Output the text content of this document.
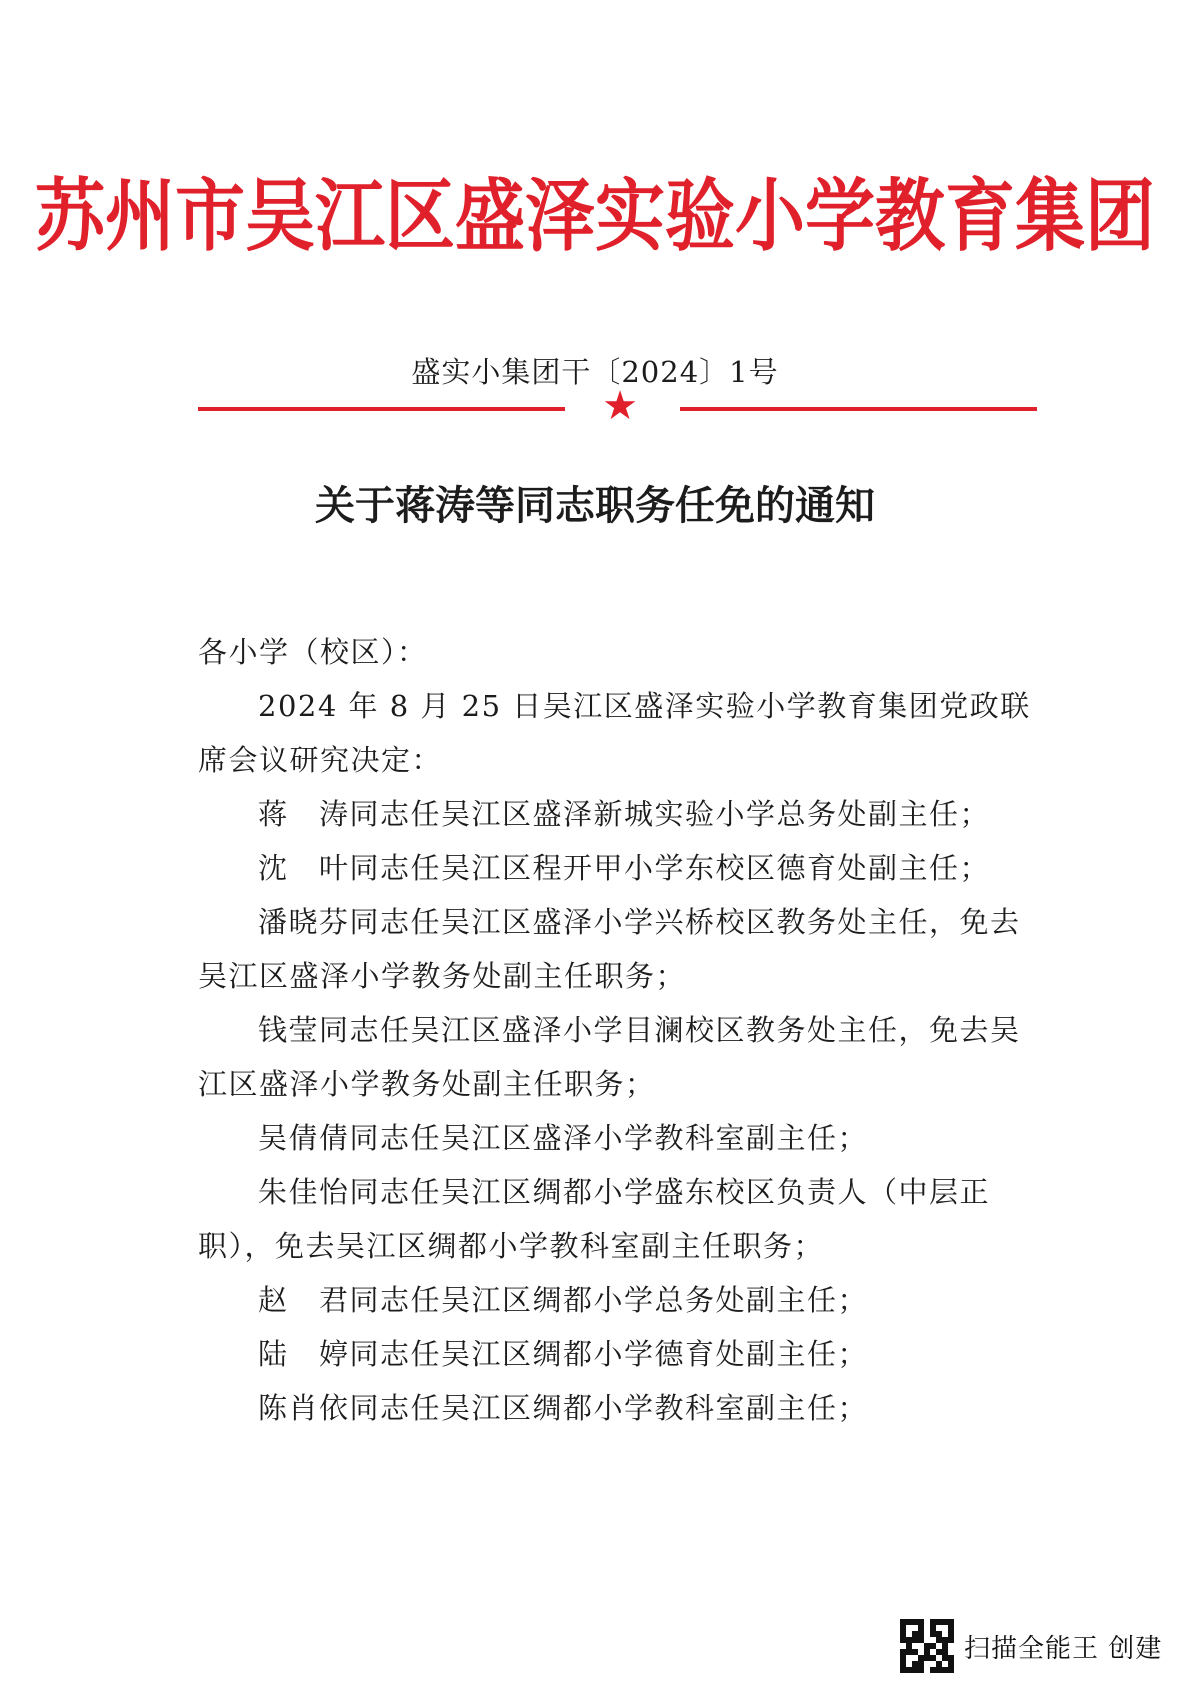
苏州市吴江区盛泽实验小学教育集团
盛实小集团干〔2024〕1号
★
关于蒋涛等同志职务任免的通知
各小学（校区）：
2024 年 8 月 25 日吴江区盛泽实验小学教育集团党政联
席会议研究决定：
蒋　涛同志任吴江区盛泽新城实验小学总务处副主任；
沈　叶同志任吴江区程开甲小学东校区德育处副主任；
潘晓芬同志任吴江区盛泽小学兴桥校区教务处主任，免去
吴江区盛泽小学教务处副主任职务；
钱莹同志任吴江区盛泽小学目澜校区教务处主任，免去吴
江区盛泽小学教务处副主任职务；
吴倩倩同志任吴江区盛泽小学教科室副主任；
朱佳怡同志任吴江区绸都小学盛东校区负责人（中层正
职），免去吴江区绸都小学教科室副主任职务；
赵　君同志任吴江区绸都小学总务处副主任；
陆　婷同志任吴江区绸都小学德育处副主任；
陈肖依同志任吴江区绸都小学教科室副主任；
扫描全能王 创建
